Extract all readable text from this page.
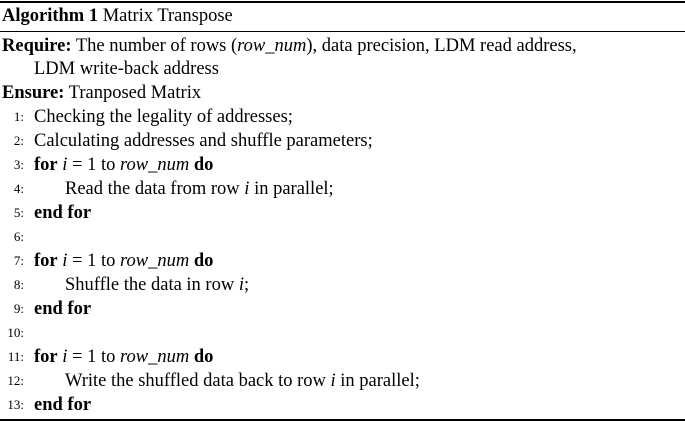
Algorithm 1 Matrix Transpose
Require: The number of rows (row_num), data precision, LDM read address,
LDM write-back address
Ensure: Tranposed Matrix
1: Checking the legality of addresses;
2: Calculating addresses and shuffle parameters;
3: for i = 1 to row_num do
4: Read the data from row i in parallel;
5: end for
6:
7: for i = 1 to row_num do
8: Shuffle the data in row i;
9: end for
10:
11: for i = 1 to row_num do
12: Write the shuffled data back to row i in parallel;
13: end for
